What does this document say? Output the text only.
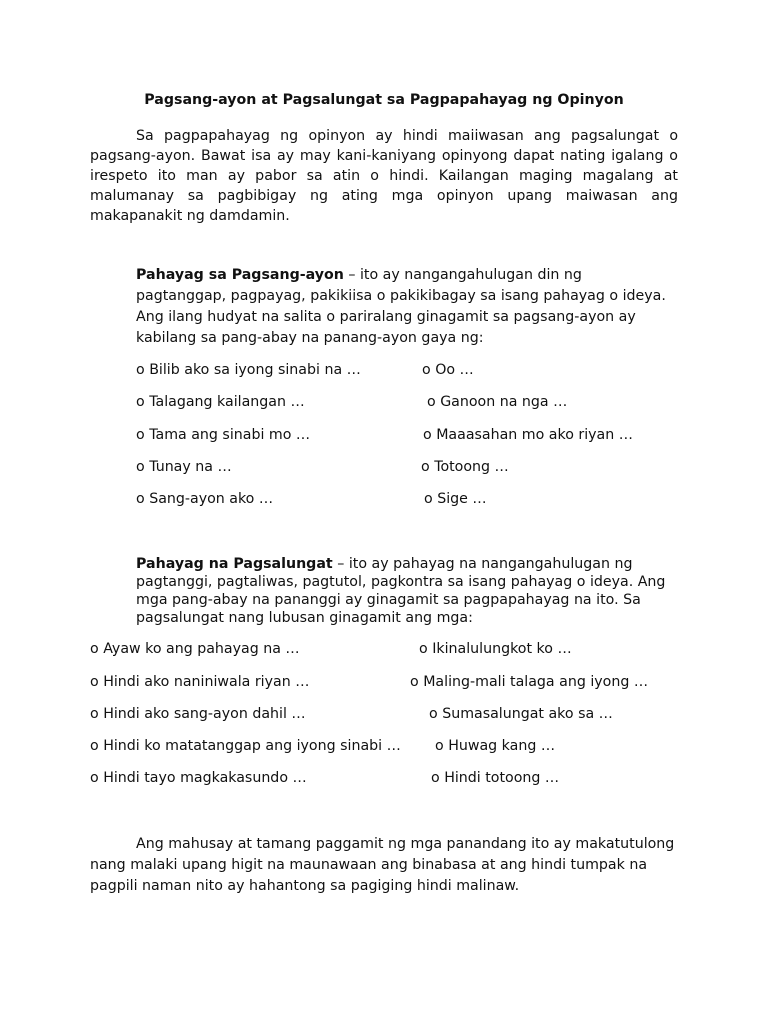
Pagsang-ayon at Pagsalungat sa Pagpapahayag ng Opinyon

Sa pagpapahayag ng opinyon ay hindi maiiwasan ang pagsalungat o pagsang-ayon. Bawat isa ay may kani-kaniyang opinyong dapat nating igalang o irespeto ito man ay pabor sa atin o hindi. Kailangan maging magalang at malumanay sa pagbibigay ng ating mga opinyon upang maiwasan ang makapanakit ng damdamin.

Pahayag sa Pagsang-ayon – ito ay nangangahulugan din ng pagtanggap, pagpayag, pakikiisa o pakikibagay sa isang pahayag o ideya. Ang ilang hudyat na salita o pariralang ginagamit sa pagsang-ayon ay kabilang sa pang-abay na panang-ayon gaya ng:

o Bilib ako sa iyong sinabi na …

o Talagang kailangan …

o Tama ang sinabi mo …

o Tunay na …

o Sang-ayon ako …

o Oo …

o Ganoon na nga …

o Maaasahan mo ako riyan …

o Totoong …

o Sige …

Pahayag na Pagsalungat – ito ay pahayag na nangangahulugan ng pagtanggi, pagtaliwas, pagtutol, pagkontra sa isang pahayag o ideya. Ang mga pang-abay na pananggi ay ginagamit sa pagpapahayag na ito. Sa pagsalungat nang lubusan ginagamit ang mga:

o Ayaw ko ang pahayag na …

o Hindi ako naniniwala riyan …

o Hindi ako sang-ayon dahil …

o Hindi ko matatanggap ang iyong sinabi …

o Hindi tayo magkakasundo …

o Ikinalulungkot ko …

o Maling-mali talaga ang iyong …

o Sumasalungat ako sa …

o Huwag kang …

o Hindi totoong …

Ang mahusay at tamang paggamit ng mga panandang ito ay makatutulong nang malaki upang higit na maunawaan ang binabasa at ang hindi tumpak na pagpili naman nito ay hahantong sa pagiging hindi malinaw.
